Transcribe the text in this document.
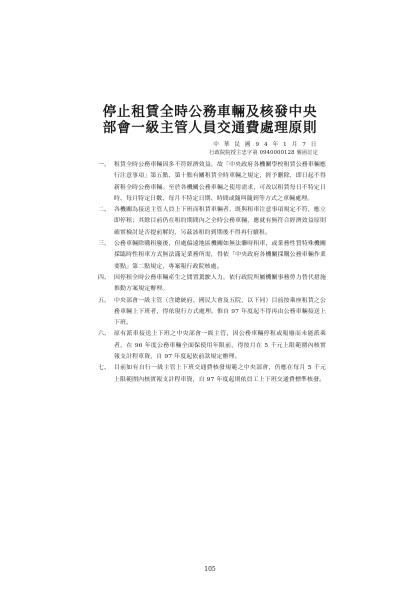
停止租賃全時公務車輛及核發中央
部會一級主管人員交通費處理原則
中 華 民 國 9 4 年 1 月 7 日
行政院院授主忠字第 0940000128 號函訂定
一、 租賃全時公務車輛因多不符經濟效益，故「中央政府各機關學校租賃公務車輛應行注意事項」第五點、第十點有關租賃全時車輛之規定，經予刪除，即日起不得新租全時公務車輛。至於各機關公務車輛之使用需求，可改以租賃每日不特定日時、每月特定日數、每月不特定日期、時間或隨叫隨到等方式之車輛處理。
二、 各機關為接送主管人員上下班而租賃車輛者，既與租車注意事項規定不符，應立即停租；其餘目前仍在租約期間內之全時公務車輛，應就有無符合經濟效益原則確實檢討是否提前解約，另茲該租約到期後不得再行續租。
三、 公務車輛除購租廢後，但處偏遠地區機關如無法聯時租車，或業務性質特殊機關採臨時性租車方式無法滿足業務所需，得依「中央政府各機關採購公務車輛作業要點」第二點規定，專案報行政院核處。
四、 因停租全時公務車輛產生之閒置駕駛人力，依行政院所屬機關事務勞力替代措施推動方案規定辦理。
五、 中央部會一級主管（含總統府、國民大會及五院，以下同）目前按乘座租賃之公務車輛上下班者，得依現行方式處理。惟自 97 年度起不得再由公務車輛接送上下班。
六、 原有派車接送上下班之中央部會一級主管，因公務車輛停租或報廢而未能派乘者，在 96 年度公務車輛全面保使用年限前，得按月在 5 千元上限範圍內核實報支計程車資，自 97 年度起依前款規定辦理。
七、 目前如有自行一級主管上下班交通費核發規範之中央部會，仍應在每月 5 千元上限範圍內核實報支計程車資，自 97 年度起則依員工上下班交通費標準核發。
105
